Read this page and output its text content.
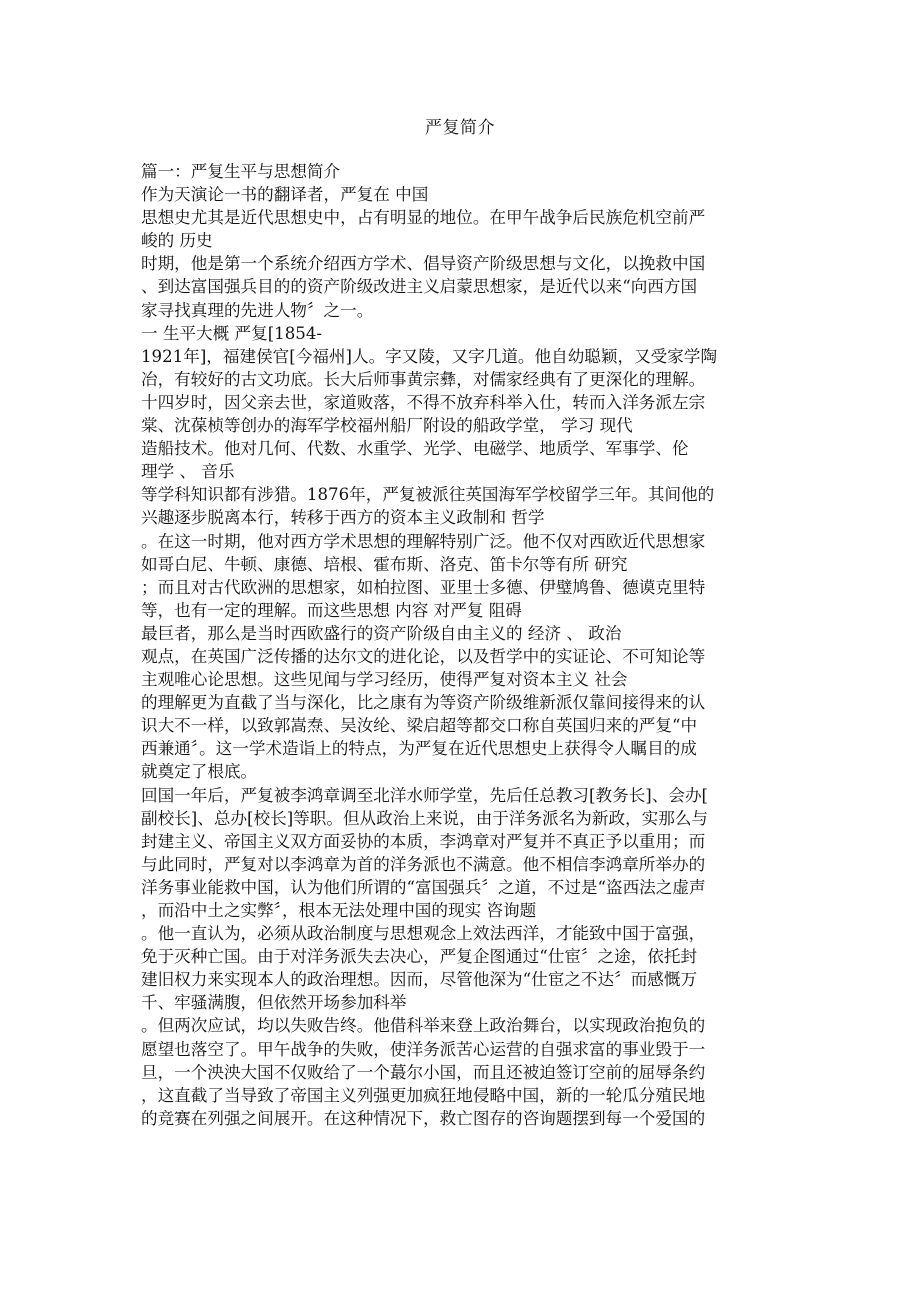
严复简介
篇一：严复生平与思想简介
作为天演论一书的翻译者，严复在 中国
思想史尤其是近代思想史中，占有明显的地位。在甲午战争后民族危机空前严
峻的 历史
时期，他是第一个系统介绍西方学术、倡导资产阶级思想与文化，以挽救中国
、到达富国强兵目的的资产阶级改进主义启蒙思想家，是近代以来“向西方国
家寻找真理的先进人物〞之一。
一 生平大概 严复[1854-
1921年]，福建侯官[今福州]人。字又陵，又字几道。他自幼聪颖，又受家学陶
冶，有较好的古文功底。长大后师事黄宗彝，对儒家经典有了更深化的理解。
十四岁时，因父亲去世，家道败落，不得不放弃科举入仕，转而入洋务派左宗
棠、沈葆桢等创办的海军学校福州船厂附设的船政学堂， 学习 现代
造船技术。他对几何、代数、水重学、光学、电磁学、地质学、军事学、伦
理学 、 音乐
等学科知识都有涉猎。1876年，严复被派往英国海军学校留学三年。其间他的
兴趣逐步脱离本行，转移于西方的资本主义政制和 哲学
。在这一时期，他对西方学术思想的理解特别广泛。他不仅对西欧近代思想家
如哥白尼、牛顿、康德、培根、霍布斯、洛克、笛卡尔等有所 研究
；而且对古代欧洲的思想家，如柏拉图、亚里士多德、伊璧鸠鲁、德谟克里特
等，也有一定的理解。而这些思想 内容 对严复 阻碍
最巨者，那么是当时西欧盛行的资产阶级自由主义的 经济 、 政治
观点，在英国广泛传播的达尔文的进化论，以及哲学中的实证论、不可知论等
主观唯心论思想。这些见闻与学习经历，使得严复对资本主义 社会
的理解更为直截了当与深化，比之康有为等资产阶级维新派仅靠间接得来的认
识大不一样，以致郭嵩焘、吴汝纶、梁启超等都交口称自英国归来的严复“中
西兼通〞。这一学术造诣上的特点，为严复在近代思想史上获得令人瞩目的成
就奠定了根底。
回国一年后，严复被李鸿章调至北洋水师学堂，先后任总教习[教务长]、会办[
副校长]、总办[校长]等职。但从政治上来说，由于洋务派名为新政，实那么与
封建主义、帝国主义双方面妥协的本质，李鸿章对严复并不真正予以重用；而
与此同时，严复对以李鸿章为首的洋务派也不满意。他不相信李鸿章所举办的
洋务事业能救中国，认为他们所谓的“富国强兵〞之道，不过是“盗西法之虚声
，而沿中土之实弊〞，根本无法处理中国的现实 咨询题
。他一直认为，必须从政治制度与思想观念上效法西洋，才能致中国于富强，
免于灭种亡国。由于对洋务派失去决心，严复企图通过“仕宦〞之途，依托封
建旧权力来实现本人的政治理想。因而，尽管他深为“仕宦之不达〞而感慨万
千、牢骚满腹，但依然开场参加科举
。但两次应试，均以失败告终。他借科举来登上政治舞台，以实现政治抱负的
愿望也落空了。甲午战争的失败，使洋务派苦心运营的自强求富的事业毁于一
旦，一个泱泱大国不仅败给了一个蕞尔小国，而且还被迫签订空前的屈辱条约
，这直截了当导致了帝国主义列强更加疯狂地侵略中国，新的一轮瓜分殖民地
的竞赛在列强之间展开。在这种情况下，救亡图存的咨询题摆到每一个爱国的
